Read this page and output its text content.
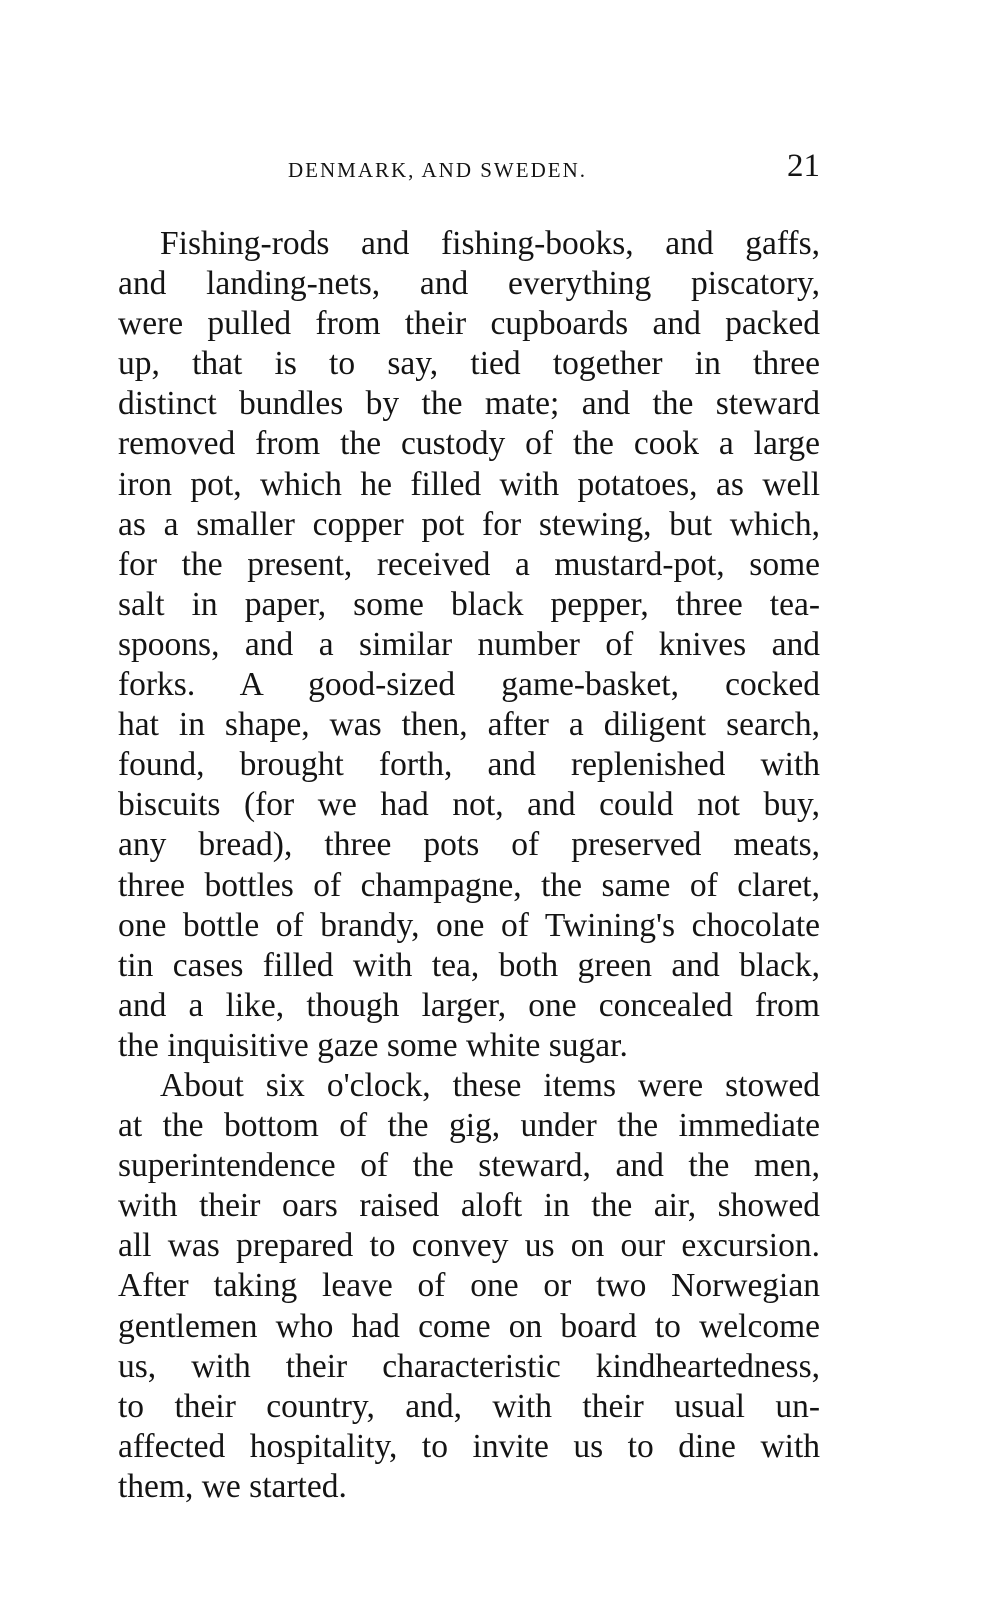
DENMARK, AND SWEDEN.	21
Fishing-rods and fishing-books, and gaffs,
and landing-nets, and everything piscatory,
were pulled from their cupboards and packed
up, that is to say, tied together in three
distinct bundles by the mate; and the steward
removed from the custody of the cook a large
iron pot, which he filled with potatoes, as well
as a smaller copper pot for stewing, but which,
for the present, received a mustard-pot, some
salt in paper, some black pepper, three tea-
spoons, and a similar number of knives and
forks. A good-sized game-basket, cocked
hat in shape, was then, after a diligent search,
found, brought forth, and replenished with
biscuits (for we had not, and could not buy,
any bread), three pots of preserved meats,
three bottles of champagne, the same of claret,
one bottle of brandy, one of Twining's chocolate
tin cases filled with tea, both green and black,
and a like, though larger, one concealed from
the inquisitive gaze some white sugar.
About six o'clock, these items were stowed
at the bottom of the gig, under the immediate
superintendence of the steward, and the men,
with their oars raised aloft in the air, showed
all was prepared to convey us on our excursion.
After taking leave of one or two Norwegian
gentlemen who had come on board to welcome
us, with their characteristic kindheartedness,
to their country, and, with their usual un-
affected hospitality, to invite us to dine with
them, we started.
